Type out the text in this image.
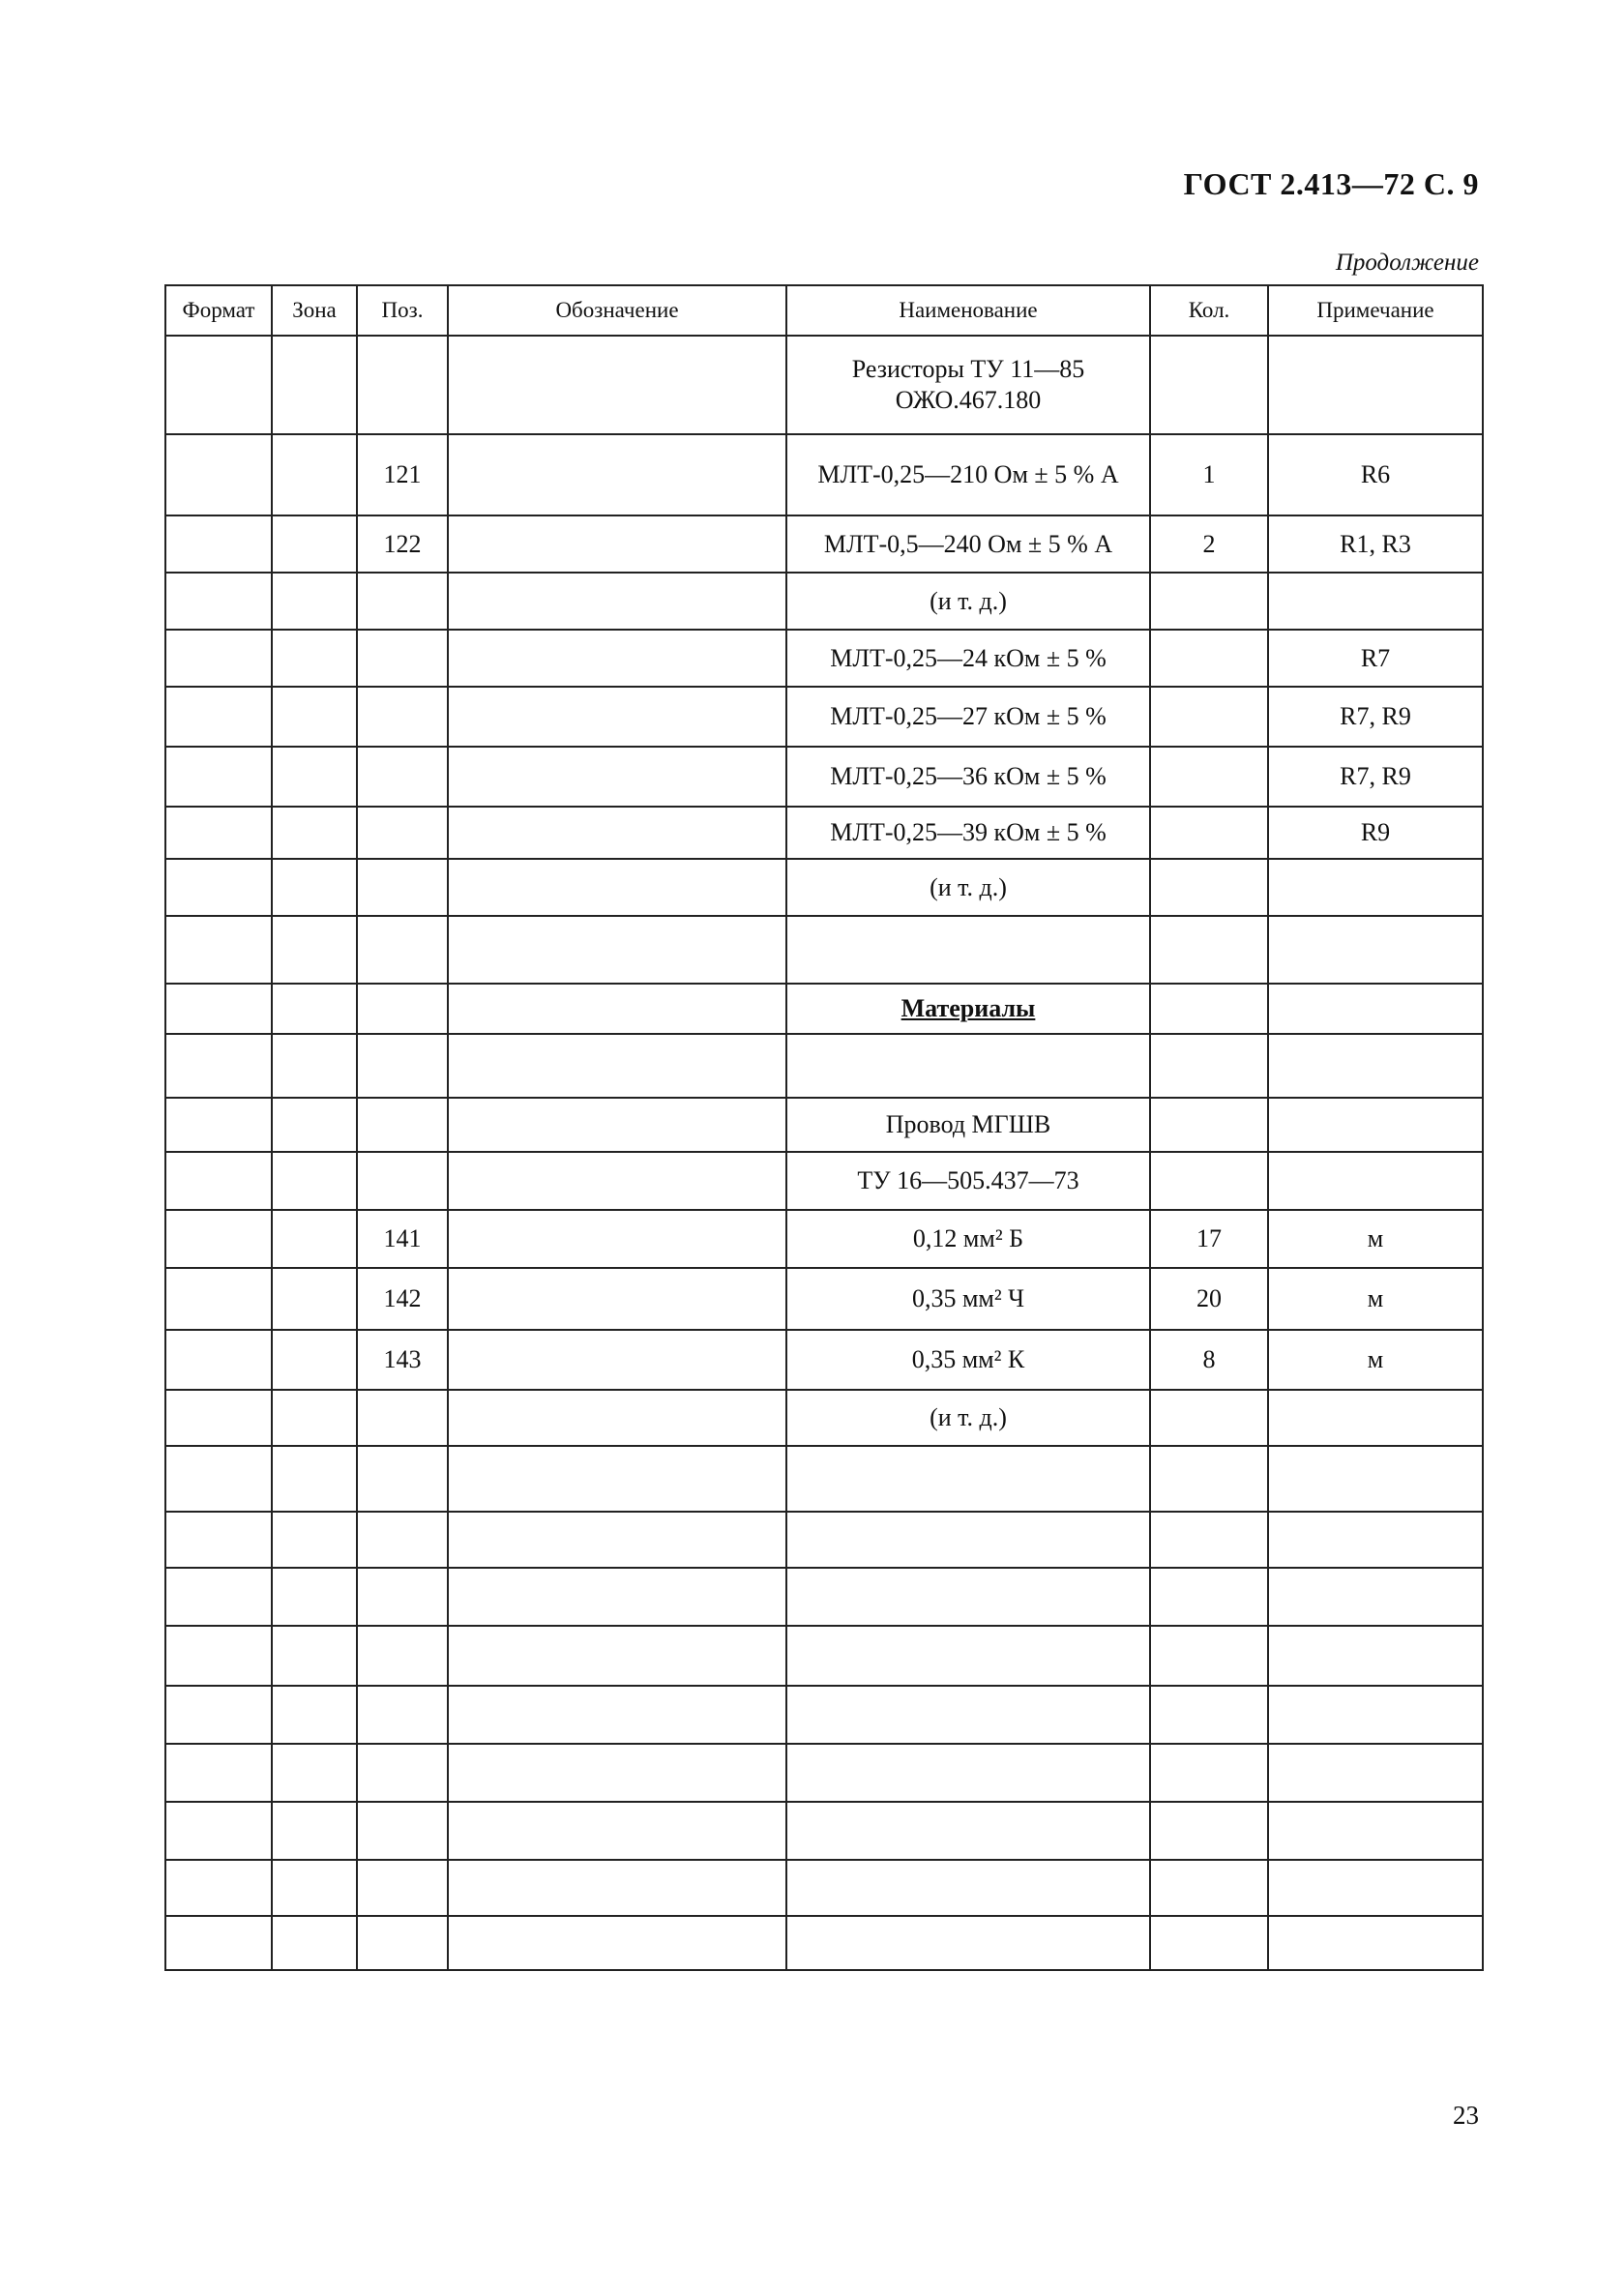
ГОСТ 2.413—72 С. 9
Продолжение
Формат	Зона	Поз.	Обозначение	Наименование	Кол.	Примечание
				Резисторы ТУ 11—85
ОЖО.467.180		
		121		МЛТ-0,25—210 Ом ± 5 % А	1	R6
		122		МЛТ-0,5—240 Ом ± 5 % А	2	R1, R3
				(и т. д.)		
				МЛТ-0,25—24 кОм ± 5 %		R7
				МЛТ-0,25—27 кОм ± 5 %		R7, R9
				МЛТ-0,25—36 кОм ± 5 %		R7, R9
				МЛТ-0,25—39 кОм ± 5 %		R9
				(и т. д.)		

				Материалы		

				Провод МГШВ		
				ТУ 16—505.437—73		
		141		0,12 мм² Б	17	м
		142		0,35 мм² Ч	20	м
		143		0,35 мм² К	8	м
				(и т. д.)		

23
